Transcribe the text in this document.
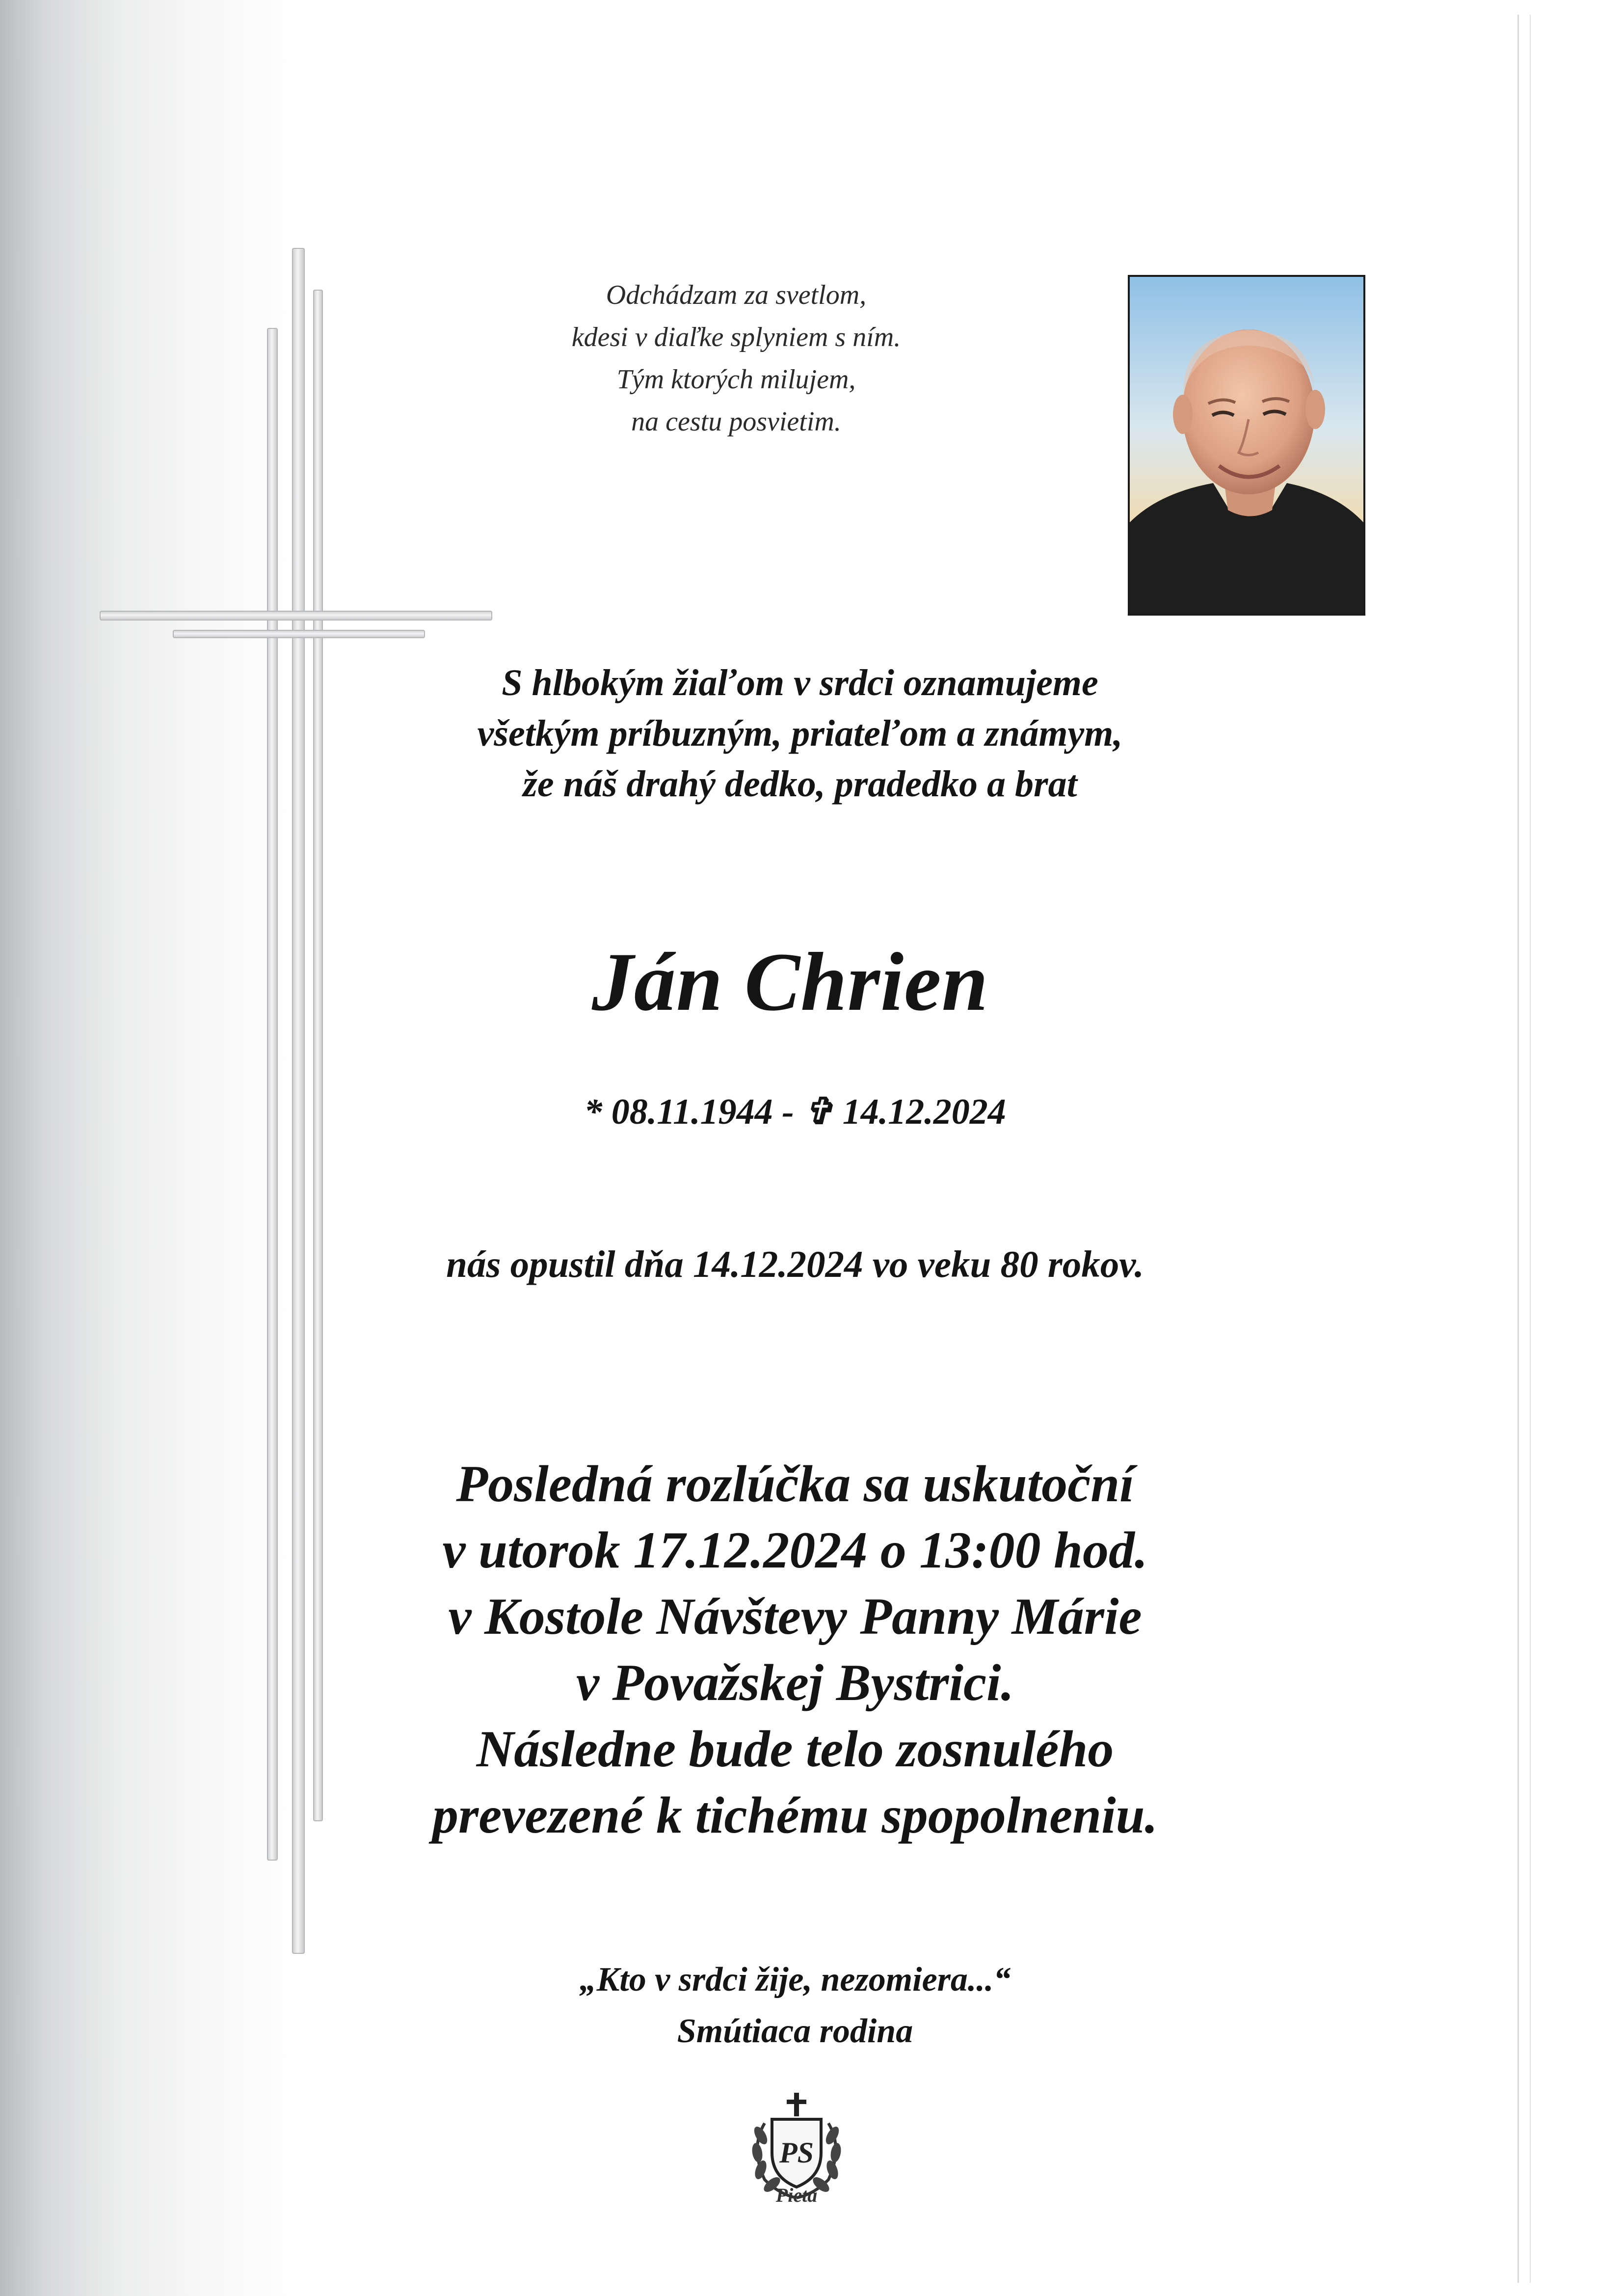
Odchádzam za svetlom,
kdesi v diaľke splyniem s ním.
Tým ktorých milujem,
na cestu posvietim.
S hlbokým žiaľom v srdci oznamujeme
všetkým príbuzným, priateľom a známym,
že náš drahý dedko, pradedko a brat
Ján Chrien
* 08.11.1944 - ✞ 14.12.2024
nás opustil dňa 14.12.2024 vo veku 80 rokov.
Posledná rozlúčka sa uskutoční
v utorok 17.12.2024 o 13:00 hod.
v Kostole Návštevy Panny Márie
v Považskej Bystrici.
Následne bude telo zosnulého
prevezené k tichému spopolneniu.
„Kto v srdci žije, nezomiera...“
Smútiaca rodina
PS
Pieta
